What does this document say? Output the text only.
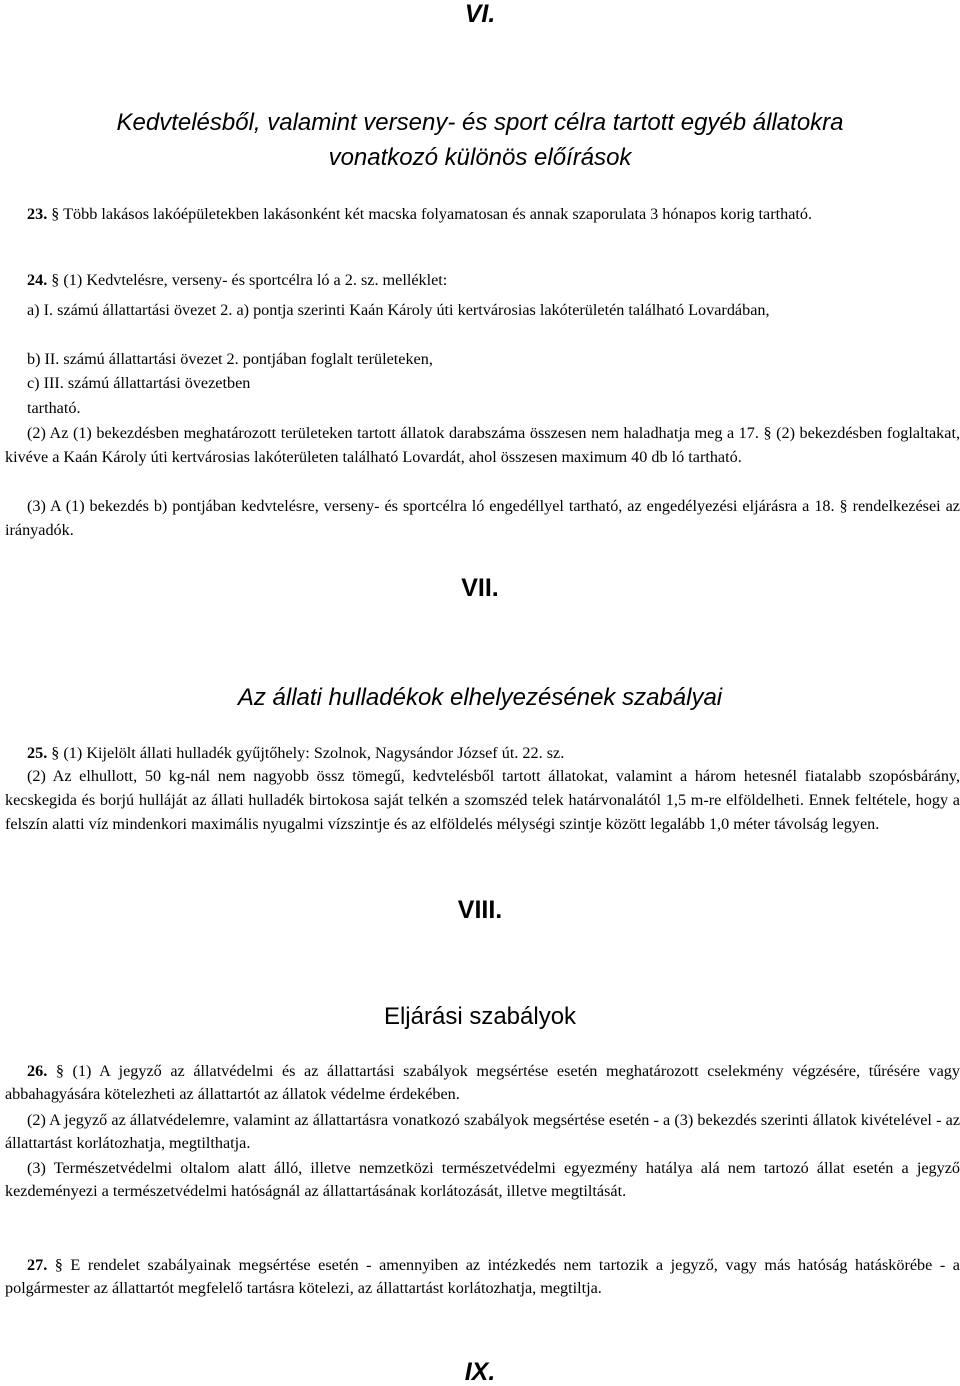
VI.

Kedvtelésből, valamint verseny- és sport célra tartott egyéb állatokra

vonatkozó különös előírások

23. § Több lakásos lakóépületekben lakásonként két macska folyamatosan és annak szaporulata 3 hónapos korig tartható.

24. § (1) Kedvtelésre, verseny- és sportcélra ló a 2. sz. melléklet:

a) I. számú állattartási övezet 2. a) pontja szerinti Kaán Károly úti kertvárosias lakóterületén található Lovardában,

b) II. számú állattartási övezet 2. pontjában foglalt területeken,

c) III. számú állattartási övezetben

tartható.

(2) Az (1) bekezdésben meghatározott területeken tartott állatok darabszáma összesen nem haladhatja meg a 17. § (2) bekezdésben foglaltakat, kivéve a Kaán Károly úti kertvárosias lakóterületen található Lovardát, ahol összesen maximum 40 db ló tartható.

(3) A (1) bekezdés b) pontjában kedvtelésre, verseny- és sportcélra ló engedéllyel tartható, az engedélyezési eljárásra a 18. § rendelkezései az irányadók.

VII.

Az állati hulladékok elhelyezésének szabályai

25. § (1) Kijelölt állati hulladék gyűjtőhely: Szolnok, Nagysándor József út. 22. sz.

(2) Az elhullott, 50 kg-nál nem nagyobb össz tömegű, kedvtelésből tartott állatokat, valamint a három hetesnél fiatalabb szopósbárány, kecskegida és borjú hulláját az állati hulladék birtokosa saját telkén a szomszéd telek határvonalától 1,5 m-re elföldelheti. Ennek feltétele, hogy a felszín alatti víz mindenkori maximális nyugalmi vízszintje és az elföldelés mélységi szintje között legalább 1,0 méter távolság legyen.

VIII.

Eljárási szabályok

26. § (1) A jegyző az állatvédelmi és az állattartási szabályok megsértése esetén meghatározott cselekmény végzésére, tűrésére vagy abbahagyására kötelezheti az állattartót az állatok védelme érdekében.

(2) A jegyző az állatvédelemre, valamint az állattartásra vonatkozó szabályok megsértése esetén - a (3) bekezdés szerinti állatok kivételével - az állattartást korlátozhatja, megtilthatja.

(3) Természetvédelmi oltalom alatt álló, illetve nemzetközi természetvédelmi egyezmény hatálya alá nem tartozó állat esetén a jegyző kezdeményezi a természetvédelmi hatóságnál az állattartásának korlátozását, illetve megtiltását.

27. § E rendelet szabályainak megsértése esetén - amennyiben az intézkedés nem tartozik a jegyző, vagy más hatóság hatáskörébe - a polgármester az állattartót megfelelő tartásra kötelezi, az állattartást korlátozhatja, megtiltja.

IX.
